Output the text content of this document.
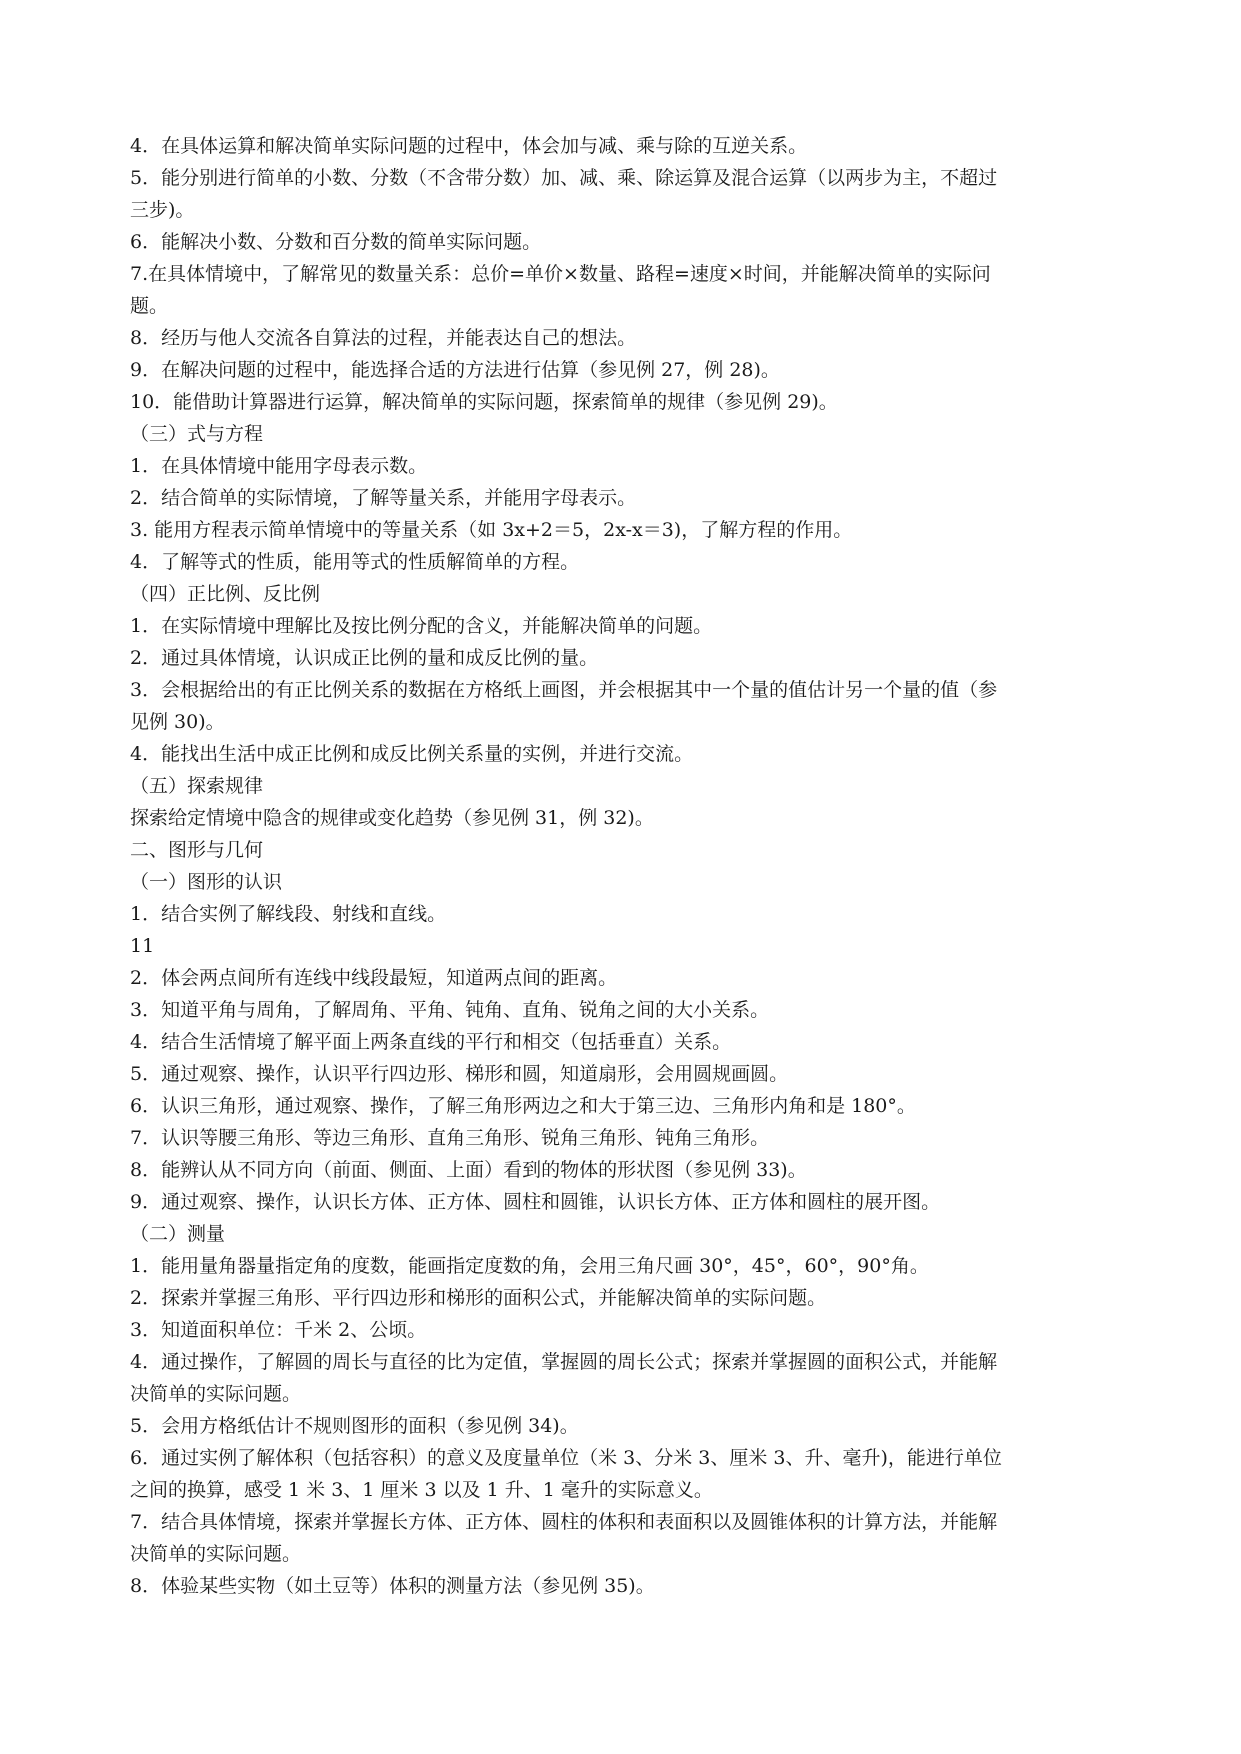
4．在具体运算和解决简单实际问题的过程中，体会加与减、乘与除的互逆关系。
5．能分别进行简单的小数、分数（不含带分数）加、减、乘、除运算及混合运算（以两步为主，不超过
三步)。
6．能解决小数、分数和百分数的简单实际问题。
7.在具体情境中，了解常见的数量关系：总价=单价×数量、路程=速度×时间，并能解决简单的实际问
题。
8．经历与他人交流各自算法的过程，并能表达自己的想法。
9．在解决问题的过程中，能选择合适的方法进行估算（参见例 27，例 28)。
10．能借助计算器进行运算，解决简单的实际问题，探索简单的规律（参见例 29)。
（三）式与方程
1．在具体情境中能用字母表示数。
2．结合简单的实际情境，了解等量关系，并能用字母表示。
3. 能用方程表示简单情境中的等量关系（如 3x+2＝5，2x-x＝3)，了解方程的作用。
4．了解等式的性质，能用等式的性质解简单的方程。
（四）正比例、反比例
1．在实际情境中理解比及按比例分配的含义，并能解决简单的问题。
2．通过具体情境，认识成正比例的量和成反比例的量。
3．会根据给出的有正比例关系的数据在方格纸上画图，并会根据其中一个量的值估计另一个量的值（参
见例 30)。
4．能找出生活中成正比例和成反比例关系量的实例，并进行交流。
（五）探索规律
探索给定情境中隐含的规律或变化趋势（参见例 31，例 32)。
二、图形与几何
（一）图形的认识
1．结合实例了解线段、射线和直线。
11
2．体会两点间所有连线中线段最短，知道两点间的距离。
3．知道平角与周角，了解周角、平角、钝角、直角、锐角之间的大小关系。
4．结合生活情境了解平面上两条直线的平行和相交（包括垂直）关系。
5．通过观察、操作，认识平行四边形、梯形和圆，知道扇形，会用圆规画圆。
6．认识三角形，通过观察、操作，了解三角形两边之和大于第三边、三角形内角和是 180°。
7．认识等腰三角形、等边三角形、直角三角形、锐角三角形、钝角三角形。
8．能辨认从不同方向（前面、侧面、上面）看到的物体的形状图（参见例 33)。
9．通过观察、操作，认识长方体、正方体、圆柱和圆锥，认识长方体、正方体和圆柱的展开图。
（二）测量
1．能用量角器量指定角的度数，能画指定度数的角，会用三角尺画 30°，45°，60°，90°角。
2．探索并掌握三角形、平行四边形和梯形的面积公式，并能解决简单的实际问题。
3．知道面积单位：千米 2、公顷。
4．通过操作，了解圆的周长与直径的比为定值，掌握圆的周长公式；探索并掌握圆的面积公式，并能解
决简单的实际问题。
5．会用方格纸估计不规则图形的面积（参见例 34)。
6．通过实例了解体积（包括容积）的意义及度量单位（米 3、分米 3、厘米 3、升、毫升)，能进行单位
之间的换算，感受 1 米 3、1 厘米 3 以及 1 升、1 毫升的实际意义。
7．结合具体情境，探索并掌握长方体、正方体、圆柱的体积和表面积以及圆锥体积的计算方法，并能解
决简单的实际问题。
8．体验某些实物（如土豆等）体积的测量方法（参见例 35)。
